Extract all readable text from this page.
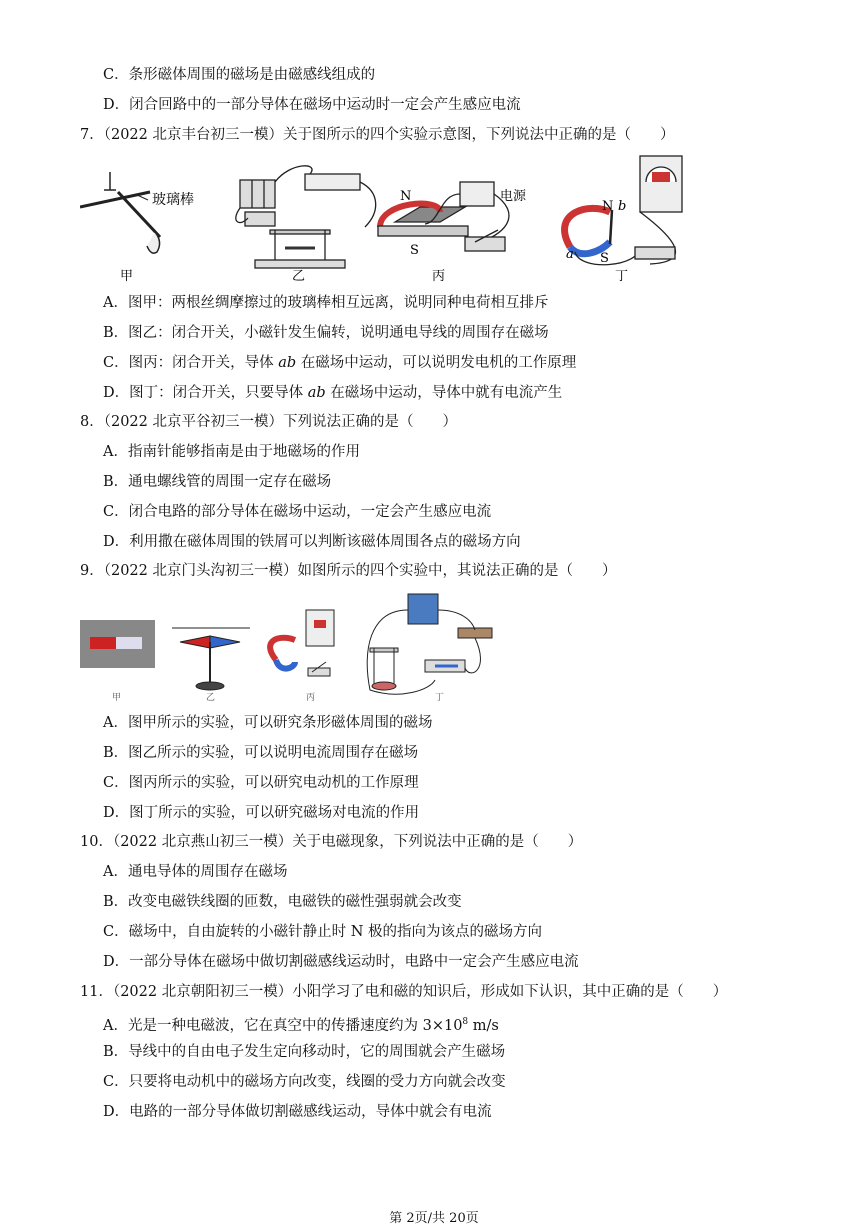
C．条形磁体周围的磁场是由磁感线组成的
D．闭合回路中的一部分导体在磁场中运动时一定会产生感应电流
7．（2022 北京丰台初三一模）关于图所示的四个实验示意图，下列说法中正确的是（　　）
玻璃棒
甲	乙
N
S
电源
丙
N b
a S
丁
A．图甲：两根丝绸摩擦过的玻璃棒相互远离，说明同种电荷相互排斥
B．图乙：闭合开关，小磁针发生偏转，说明通电导线的周围存在磁场
C．图丙：闭合开关，导体 ab 在磁场中运动，可以说明发电机的工作原理
D．图丁：闭合开关，只要导体 ab 在磁场中运动，导体中就有电流产生
8．（2022 北京平谷初三一模）下列说法正确的是（　　）
A．指南针能够指南是由于地磁场的作用
B．通电螺线管的周围一定存在磁场
C．闭合电路的部分导体在磁场中运动，一定会产生感应电流
D．利用撒在磁体周围的铁屑可以判断该磁体周围各点的磁场方向
9．（2022 北京门头沟初三一模）如图所示的四个实验中，其说法正确的是（　　）
甲	乙	丙	丁
A．图甲所示的实验，可以研究条形磁体周围的磁场
B．图乙所示的实验，可以说明电流周围存在磁场
C．图丙所示的实验，可以研究电动机的工作原理
D．图丁所示的实验，可以研究磁场对电流的作用
10．（2022 北京燕山初三一模）关于电磁现象，下列说法中正确的是（　　）
A．通电导体的周围存在磁场
B．改变电磁铁线圈的匝数，电磁铁的磁性强弱就会改变
C．磁场中，自由旋转的小磁针静止时 N 极的指向为该点的磁场方向
D．一部分导体在磁场中做切割磁感线运动时，电路中一定会产生感应电流
11．（2022 北京朝阳初三一模）小阳学习了电和磁的知识后，形成如下认识，其中正确的是（　　）
A．光是一种电磁波，它在真空中的传播速度约为 $3\times 10^8$ m/s
B．导线中的自由电子发生定向移动时，它的周围就会产生磁场
C．只要将电动机中的磁场方向改变，线圈的受力方向就会改变
D．电路的一部分导体做切割磁感线运动，导体中就会有电流
第 2页/共 20页
